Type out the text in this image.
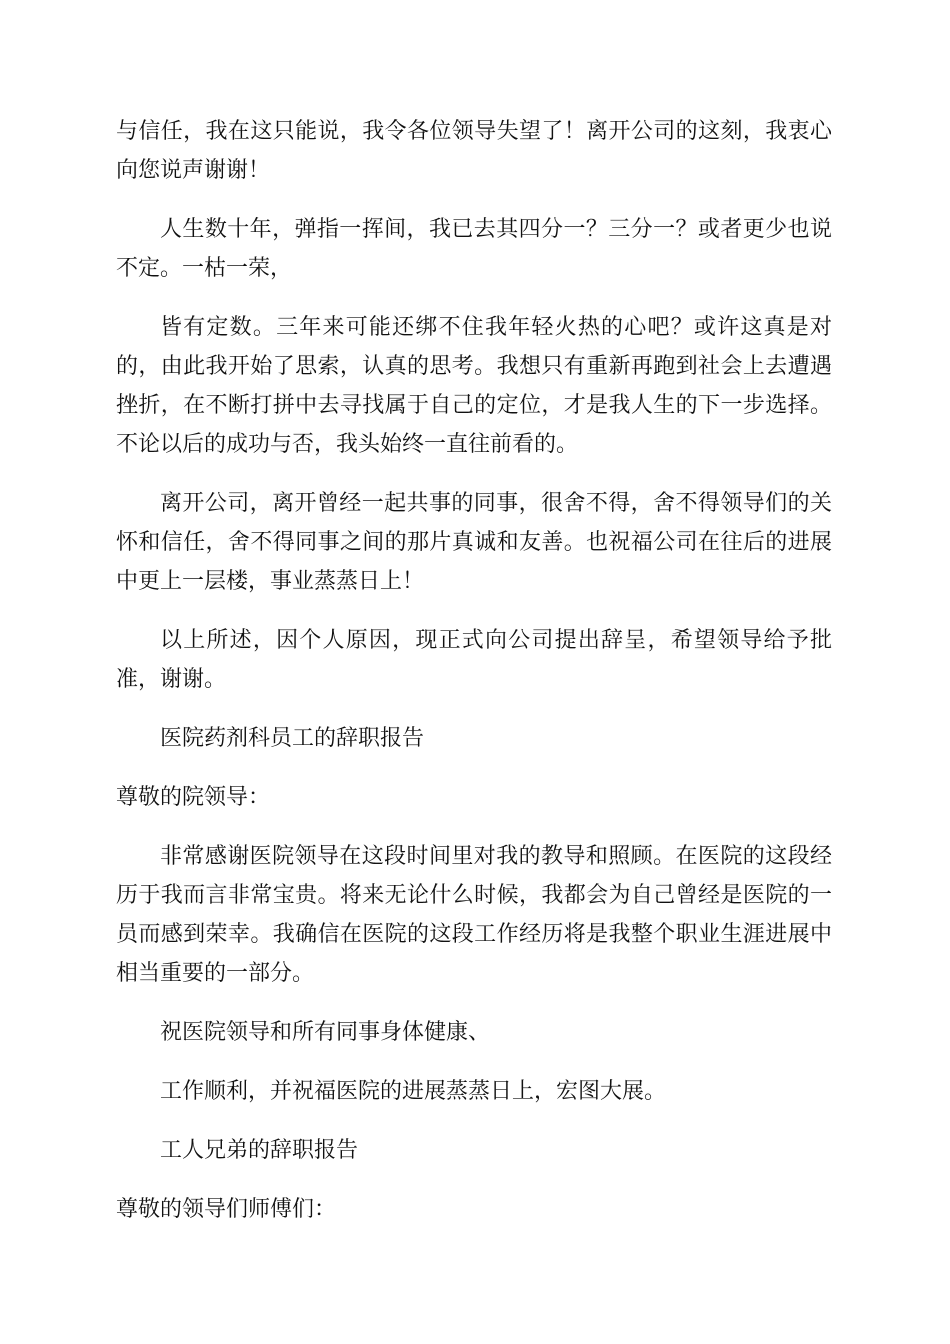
与信任，我在这只能说，我令各位领导失望了！离开公司的这刻，我衷心向您说声谢谢！

人生数十年，弹指一挥间，我已去其四分一？三分一？或者更少也说不定。一枯一荣，

皆有定数。三年来可能还绑不住我年轻火热的心吧？或许这真是对的，由此我开始了思索，认真的思考。我想只有重新再跑到社会上去遭遇挫折，在不断打拼中去寻找属于自己的定位，才是我人生的下一步选择。不论以后的成功与否，我头始终一直往前看的。

离开公司，离开曾经一起共事的同事，很舍不得，舍不得领导们的关怀和信任，舍不得同事之间的那片真诚和友善。也祝福公司在往后的进展中更上一层楼，事业蒸蒸日上！

以上所述，因个人原因，现正式向公司提出辞呈，希望领导给予批准，谢谢。

医院药剂科员工的辞职报告

尊敬的院领导：

非常感谢医院领导在这段时间里对我的教导和照顾。在医院的这段经历于我而言非常宝贵。将来无论什么时候，我都会为自己曾经是医院的一员而感到荣幸。我确信在医院的这段工作经历将是我整个职业生涯进展中相当重要的一部分。

祝医院领导和所有同事身体健康、

工作顺利，并祝福医院的进展蒸蒸日上，宏图大展。

工人兄弟的辞职报告

尊敬的领导们师傅们：
